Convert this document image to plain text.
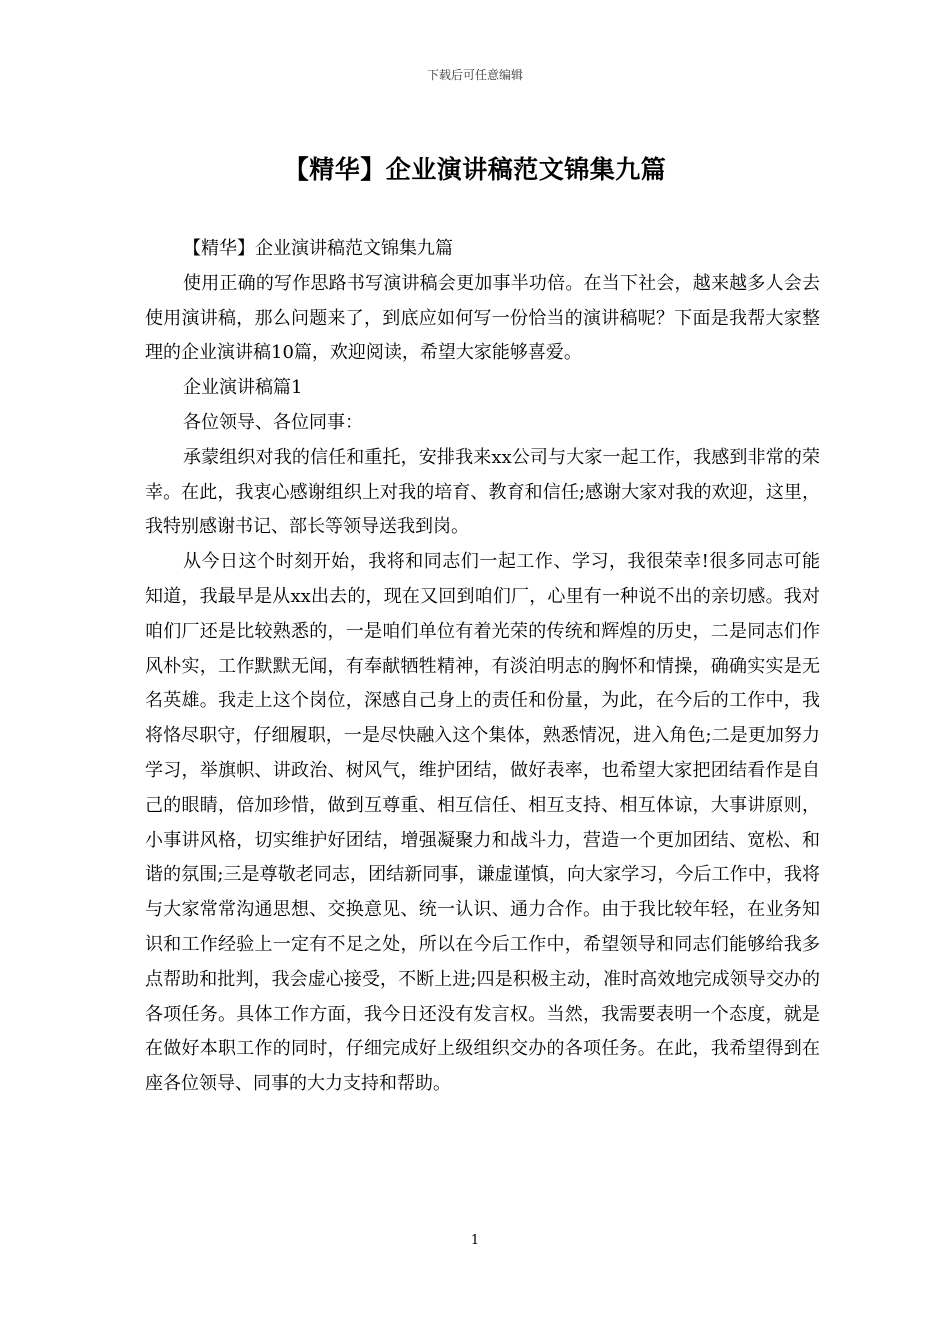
下载后可任意编辑
【精华】企业演讲稿范文锦集九篇

【精华】企业演讲稿范文锦集九篇

使用正确的写作思路书写演讲稿会更加事半功倍。在当下社会，越来越多人会去使用演讲稿，那么问题来了，到底应如何写一份恰当的演讲稿呢？下面是我帮大家整理的企业演讲稿10篇，欢迎阅读，希望大家能够喜爱。

企业演讲稿篇1

各位领导、各位同事：

承蒙组织对我的信任和重托，安排我来xx公司与大家一起工作，我感到非常的荣幸。在此，我衷心感谢组织上对我的培育、教育和信任;感谢大家对我的欢迎，这里，我特别感谢书记、部长等领导送我到岗。

从今日这个时刻开始，我将和同志们一起工作、学习，我很荣幸!很多同志可能知道，我最早是从xx出去的，现在又回到咱们厂，心里有一种说不出的亲切感。我对咱们厂还是比较熟悉的，一是咱们单位有着光荣的传统和辉煌的历史，二是同志们作风朴实，工作默默无闻，有奉献牺牲精神，有淡泊明志的胸怀和情操，确确实实是无名英雄。我走上这个岗位，深感自己身上的责任和份量，为此，在今后的工作中，我将恪尽职守，仔细履职，一是尽快融入这个集体，熟悉情况，进入角色;二是更加努力学习，举旗帜、讲政治、树风气，维护团结，做好表率，也希望大家把团结看作是自己的眼睛，倍加珍惜，做到互尊重、相互信任、相互支持、相互体谅，大事讲原则，小事讲风格，切实维护好团结，增强凝聚力和战斗力，营造一个更加团结、宽松、和谐的氛围;三是尊敬老同志，团结新同事，谦虚谨慎，向大家学习，今后工作中，我将与大家常常沟通思想、交换意见、统一认识、通力合作。由于我比较年轻，在业务知识和工作经验上一定有不足之处，所以在今后工作中，希望领导和同志们能够给我多点帮助和批判，我会虚心接受，不断上进;四是积极主动，准时高效地完成领导交办的各项任务。具体工作方面，我今日还没有发言权。当然，我需要表明一个态度，就是在做好本职工作的同时，仔细完成好上级组织交办的各项任务。在此，我希望得到在座各位领导、同事的大力支持和帮助。

1
